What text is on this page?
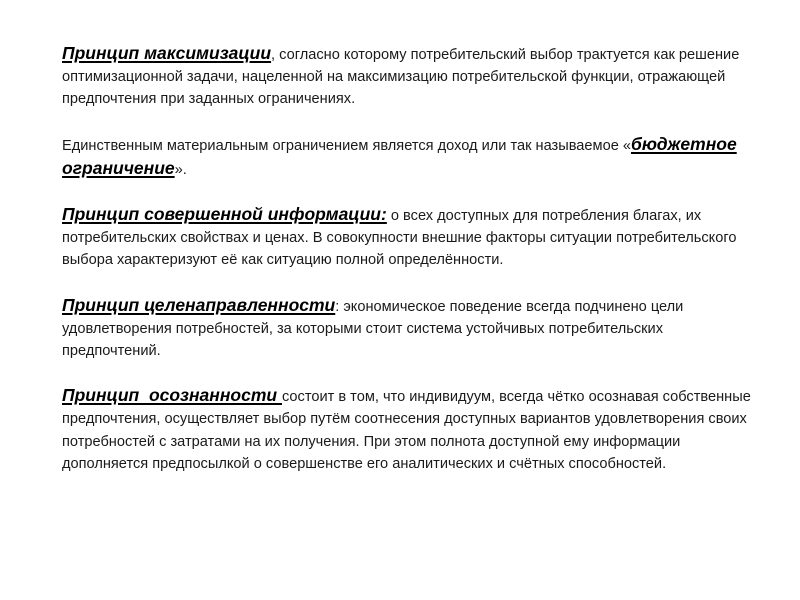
Принцип максимизации, согласно которому потребительский выбор трактуется как решение оптимизационной задачи, нацеленной на максимизацию потребительской функции, отражающей предпочтения при заданных ограничениях.

Единственным материальным ограничением является доход или так называемое «бюджетное ограничение».

Принцип совершенной информации: о всех доступных для потребления благах, их потребительских свойствах и ценах. В совокупности внешние факторы ситуации потребительского выбора характеризуют её как ситуацию полной определённости.

Принцип целенаправленности: экономическое поведение всегда подчинено цели удовлетворения потребностей, за которыми стоит система устойчивых потребительских предпочтений.

Принцип  осознанности состоит в том, что индивидуум, всегда чётко осознавая собственные предпочтения, осуществляет выбор путём соотнесения доступных вариантов удовлетворения своих потребностей с затратами на их получения. При этом полнота доступной ему информации дополняется предпосылкой о совершенстве его аналитических и счётных способностей.
